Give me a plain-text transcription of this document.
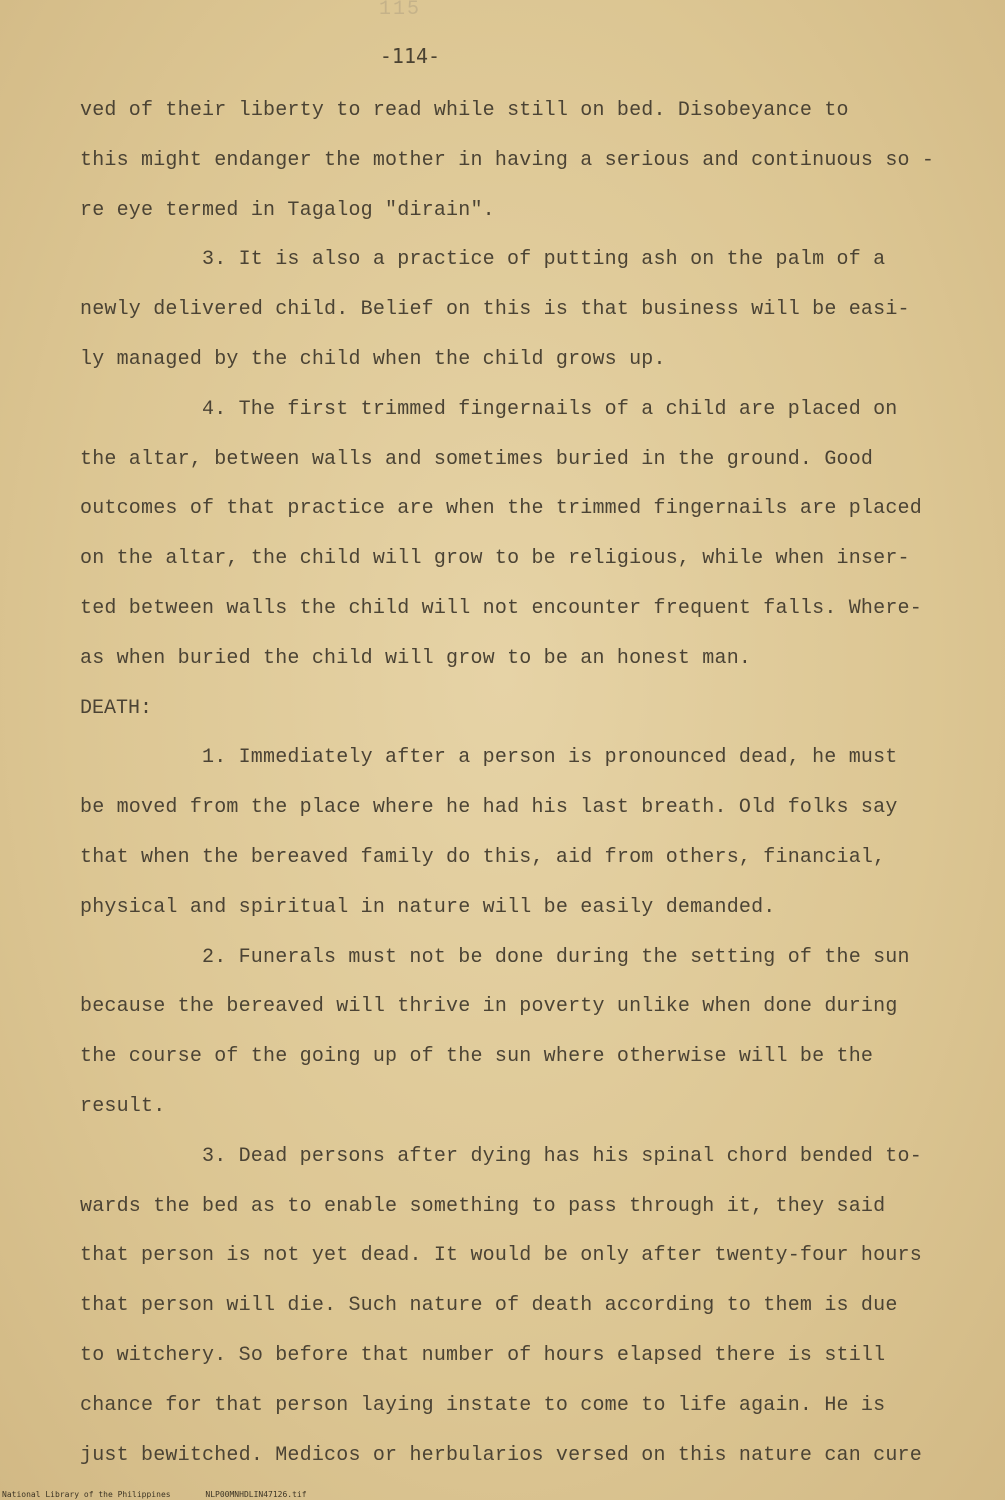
115
-114-
ved of their liberty to read while still on bed. Disobeyance to
this might endanger the mother in having a serious and continuous so -
re eye termed in Tagalog "dirain".
3. It is also a practice of putting ash on the palm of a
newly delivered child. Belief on this is that business will be easi-
ly managed by the child when the child grows up.
4. The first trimmed fingernails of a child are placed on
the altar, between walls and sometimes buried in the ground. Good
outcomes of that practice are when the trimmed fingernails are placed
on the altar, the child will grow to be religious, while when inser-
ted between walls the child will not encounter frequent falls. Where-
as when buried the child will grow to be an honest man.
DEATH:
1. Immediately after a person is pronounced dead, he must
be moved from the place where he had his last breath. Old folks say
that when the bereaved family do this, aid from others, financial,
physical and spiritual in nature will be easily demanded.
2. Funerals must not be done during the setting of the sun
because the bereaved will thrive in poverty unlike when done during
the course of the going up of the sun where otherwise will be the
result.
3. Dead persons after dying has his spinal chord bended to-
wards the bed as to enable something to pass through it, they said
that person is not yet dead. It would be only after twenty-four hours
that person will die. Such nature of death according to them is due
to witchery. So before that number of hours elapsed there is still
chance for that person laying instate to come to life again. He is
just bewitched. Medicos or herbularios versed on this nature can cure
National Library of the Philippines	NLP00MNHDLIN47126.tif
